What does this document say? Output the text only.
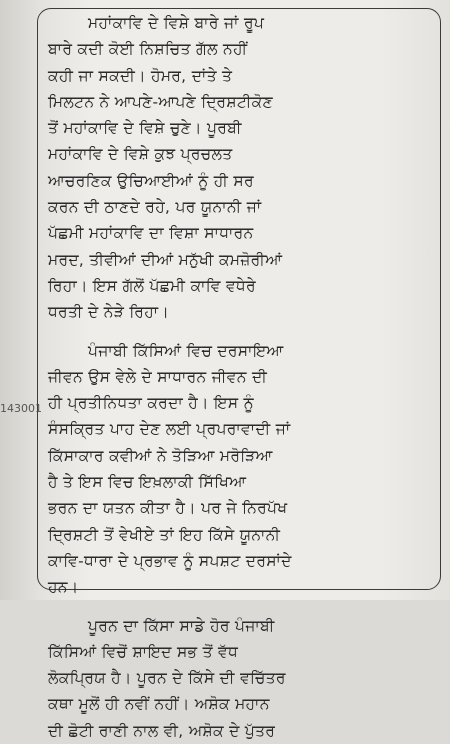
143001
ਮਹਾਂਕਾਵਿ ਦੇ ਵਿਸ਼ੇ ਬਾਰੇ ਜਾਂ ਰੂਪ
ਬਾਰੇ ਕਦੀ ਕੋਈ ਨਿਸ਼ਚਿਤ ਗੱਲ ਨਹੀਂ
ਕਹੀ ਜਾ ਸਕਦੀ। ਹੋਮਰ, ਦਾਂਤੇ ਤੇ
ਮਿਲਟਨ ਨੇ ਆਪਣੇ-ਆਪਣੇ ਦ੍ਰਿਸ਼ਟੀਕੋਣ
ਤੋਂ ਮਹਾਂਕਾਵਿ ਦੇ ਵਿਸ਼ੇ ਚੁਣੇ। ਪੂਰਬੀ
ਮਹਾਂਕਾਵਿ ਦੇ ਵਿਸ਼ੇ ਕੁਝ ਪ੍ਰਚਲਤ
ਆਚਰਣਿਕ ਉਚਿਆਈਆਂ ਨੂੰ ਹੀ ਸਰ
ਕਰਨ ਦੀ ਠਾਣਦੇ ਰਹੇ, ਪਰ ਯੂਨਾਨੀ ਜਾਂ
ਪੱਛਮੀ ਮਹਾਂਕਾਵਿ ਦਾ ਵਿਸ਼ਾ ਸਾਧਾਰਨ
ਮਰਦ, ਤੀਵੀਆਂ ਦੀਆਂ ਮਨੁੱਖੀ ਕਮਜ਼ੋਰੀਆਂ
ਰਿਹਾ। ਇਸ ਗੱਲੋਂ ਪੱਛਮੀ ਕਾਵਿ ਵਧੇਰੇ
ਧਰਤੀ ਦੇ ਨੇੜੇ ਰਿਹਾ।
ਪੰਜਾਬੀ ਕਿੱਸਿਆਂ ਵਿਚ ਦਰਸਾਇਆ
ਜੀਵਨ ਉਸ ਵੇਲੇ ਦੇ ਸਾਧਾਰਨ ਜੀਵਨ ਦੀ
ਹੀ ਪ੍ਰਤੀਨਿਧਤਾ ਕਰਦਾ ਹੈ। ਇਸ ਨੂੰ
ਸੰਸਕ੍ਰਿਤ ਪਾਹ ਦੇਣ ਲਈ ਪ੍ਰਪਰਾਵਾਦੀ ਜਾਂ
ਕਿੱਸਾਕਾਰ ਕਵੀਆਂ ਨੇ ਤੋੜਿਆ ਮਰੋੜਿਆ
ਹੈ ਤੇ ਇਸ ਵਿਚ ਇਖ਼ਲਾਕੀ ਸਿੱਖਿਆ
ਭਰਨ ਦਾ ਯਤਨ ਕੀਤਾ ਹੈ। ਪਰ ਜੇ ਨਿਰਪੱਖ
ਦ੍ਰਿਸ਼ਟੀ ਤੋਂ ਵੇਖੀਏ ਤਾਂ ਇਹ ਕਿੱਸੇ ਯੂਨਾਨੀ
ਕਾਵਿ-ਧਾਰਾ ਦੇ ਪ੍ਰਭਾਵ ਨੂੰ ਸਪਸ਼ਟ ਦਰਸਾਂਦੇ
ਹਨ।
ਪੂਰਨ ਦਾ ਕਿੱਸਾ ਸਾਡੇ ਹੋਰ ਪੰਜਾਬੀ
ਕਿੱਸਿਆਂ ਵਿਚੋਂ ਸ਼ਾਇਦ ਸਭ ਤੋਂ ਵੱਧ
ਲੋਕਪ੍ਰਿਯ ਹੈ। ਪੂਰਨ ਦੇ ਕਿੱਸੇ ਦੀ ਵਚਿੱਤਰ
ਕਥਾ ਮੂਲੋਂ ਹੀ ਨਵੀਂ ਨਹੀਂ। ਅਸ਼ੋਕ ਮਹਾਨ
ਦੀ ਛੋਟੀ ਰਾਣੀ ਨਾਲ ਵੀ, ਅਸ਼ੋਕ ਦੇ ਪੁੱਤਰ
